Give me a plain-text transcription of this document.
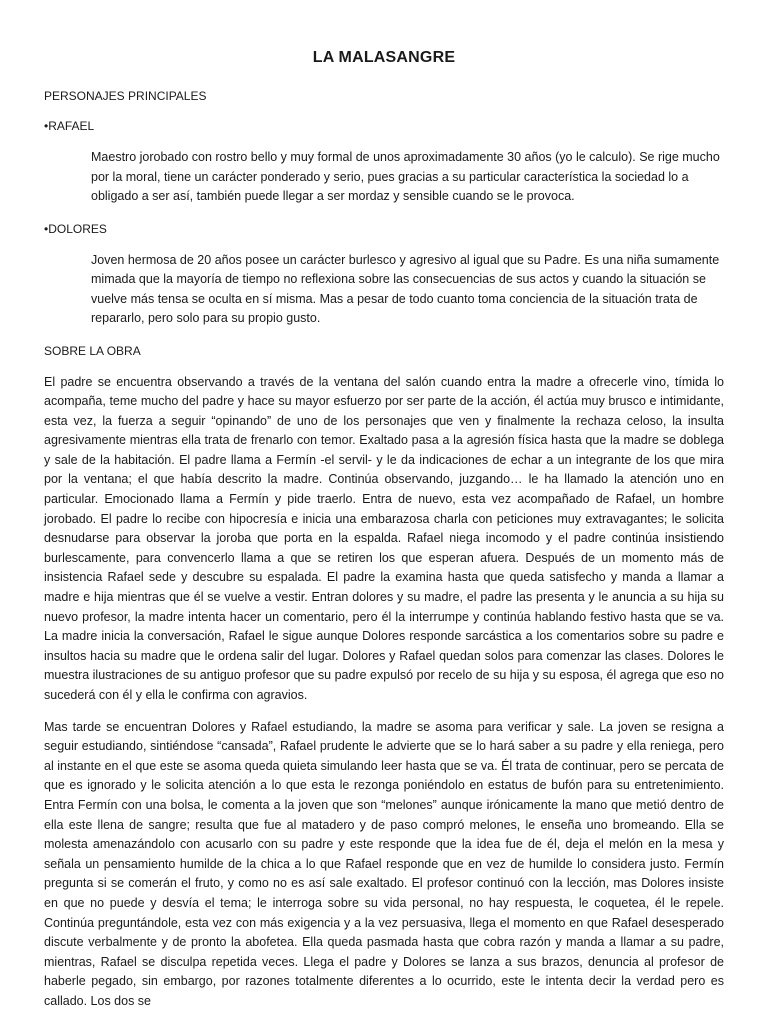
LA MALASANGRE
PERSONAJES PRINCIPALES
•RAFAEL
Maestro jorobado con rostro bello y muy formal de unos aproximadamente 30 años (yo le calculo). Se rige mucho por la moral, tiene un carácter ponderado y serio, pues gracias a su particular característica la sociedad lo a obligado a ser así, también puede llegar a ser mordaz y sensible cuando se le provoca.
•DOLORES
Joven hermosa de 20 años posee un carácter burlesco y agresivo al igual que su Padre. Es una niña sumamente mimada que la mayoría de tiempo no reflexiona sobre las consecuencias de sus actos y cuando la situación se vuelve más tensa se oculta en sí misma. Mas a pesar de todo cuanto toma conciencia de la situación trata de repararlo, pero solo para su propio gusto.
SOBRE LA OBRA

El padre se encuentra observando a través de la ventana del salón cuando entra la madre a ofrecerle vino, tímida lo acompaña, teme mucho del padre y hace su mayor esfuerzo por ser parte de la acción, él actúa muy brusco e intimidante, esta vez, la fuerza a seguir “opinando” de uno de los personajes que ven y finalmente la rechaza celoso, la insulta agresivamente mientras ella trata de frenarlo con temor. Exaltado pasa a la agresión física hasta que la madre se doblega y sale de la habitación. El padre llama a Fermín -el servil- y le da indicaciones de echar a un integrante de los que mira por la ventana; el que había descrito la madre. Continúa observando, juzgando… le ha llamado la atención uno en particular. Emocionado llama a Fermín y pide traerlo. Entra de nuevo, esta vez acompañado de Rafael, un hombre jorobado. El padre lo recibe con hipocresía e inicia una embarazosa charla con peticiones muy extravagantes; le solicita desnudarse para observar la joroba que porta en la espalda. Rafael niega incomodo y el padre continúa insistiendo burlescamente, para convencerlo llama a que se retiren los que esperan afuera. Después de un momento más de insistencia Rafael sede y descubre su espalada. El padre la examina hasta que queda satisfecho y manda a llamar a madre e hija mientras que él se vuelve a vestir. Entran dolores y su madre, el padre las presenta y le anuncia a su hija su nuevo profesor, la madre intenta hacer un comentario, pero él la interrumpe y continúa hablando festivo hasta que se va. La madre inicia la conversación, Rafael le sigue aunque Dolores responde sarcástica a los comentarios sobre su padre e insultos hacia su madre que le ordena salir del lugar. Dolores y Rafael quedan solos para comenzar las clases. Dolores le muestra ilustraciones de su antiguo profesor que su padre expulsó por recelo de su hija y su esposa, él agrega que eso no sucederá con él y ella le confirma con agravios.

Mas tarde se encuentran Dolores y Rafael estudiando, la madre se asoma para verificar y sale. La joven se resigna a seguir estudiando, sintiéndose “cansada”, Rafael prudente le advierte que se lo hará saber a su padre y ella reniega, pero al instante en el que este se asoma queda quieta simulando leer hasta que se va. Él trata de continuar, pero se percata de que es ignorado y le solicita atención a lo que esta le rezonga poniéndolo en estatus de bufón para su entretenimiento. Entra Fermín con una bolsa, le comenta a la joven que son “melones” aunque irónicamente la mano que metió dentro de ella este llena de sangre; resulta que fue al matadero y de paso compró melones, le enseña uno bromeando. Ella se molesta amenazándolo con acusarlo con su padre y este responde que la idea fue de él, deja el melón en la mesa y señala un pensamiento humilde de la chica a lo que Rafael responde que en vez de humilde lo considera justo. Fermín pregunta si se comerán el fruto, y como no es así sale exaltado. El profesor continuó con la lección, mas Dolores insiste en que no puede y desvía el tema; le interroga sobre su vida personal, no hay respuesta, le coquetea, él le repele. Continúa preguntándole, esta vez con más exigencia y a la vez persuasiva, llega el momento en que Rafael desesperado discute verbalmente y de pronto la abofetea. Ella queda pasmada hasta que cobra razón y manda a llamar a su padre, mientras, Rafael se disculpa repetida veces. Llega el padre y Dolores se lanza a sus brazos, denuncia al profesor de haberle pegado, sin embargo, por razones totalmente diferentes a lo ocurrido, este le intenta decir la verdad pero es callado. Los dos se
